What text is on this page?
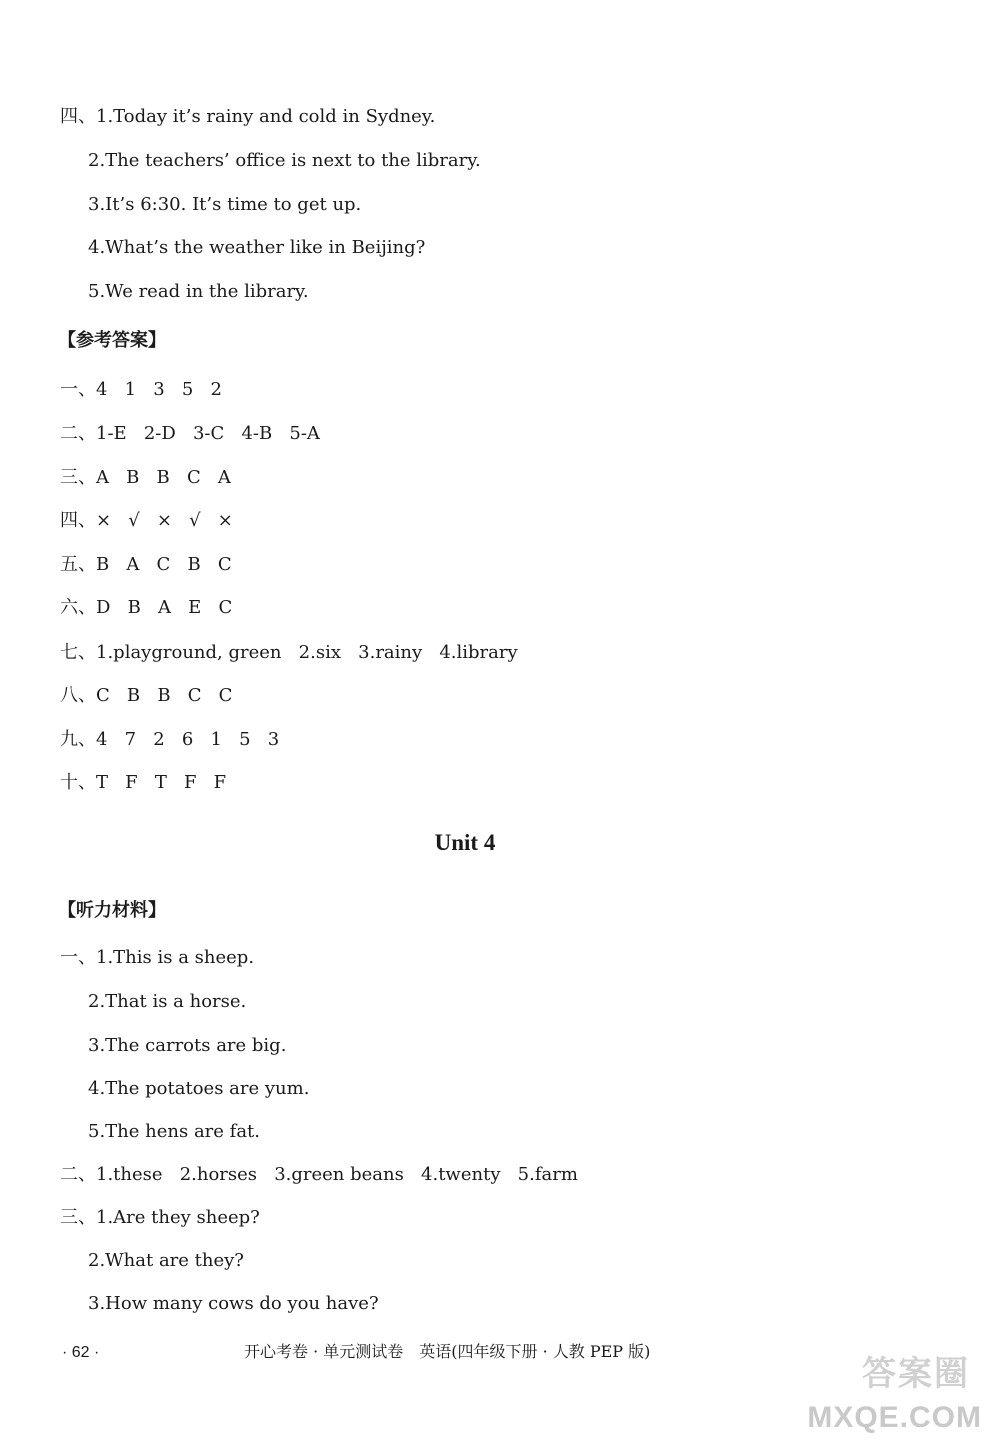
四、1.Today it’s rainy and cold in Sydney.
2.The teachers’ office is next to the library.
3.It’s 6:30. It’s time to get up.
4.What’s the weather like in Beijing?
5.We read in the library.
【参考答案】
一、4   1   3   5   2
二、1-E   2-D   3-C   4-B   5-A
三、A   B   B   C   A
四、×   √   ×   √   ×
五、B   A   C   B   C
六、D   B   A   E   C
七、1.playground, green   2.six   3.rainy   4.library
八、C   B   B   C   C
九、4   7   2   6   1   5   3
十、T   F   T   F   F
Unit 4
【听力材料】
一、1.This is a sheep.
2.That is a horse.
3.The carrots are big.
4.The potatoes are yum.
5.The hens are fat.
二、1.these   2.horses   3.green beans   4.twenty   5.farm
三、1.Are they sheep?
2.What are they?
3.How many cows do you have?
· 62 ·	开心考卷 · 单元测试卷　英语(四年级下册 · 人教 PEP 版)
答案圈
MXQE.COM
